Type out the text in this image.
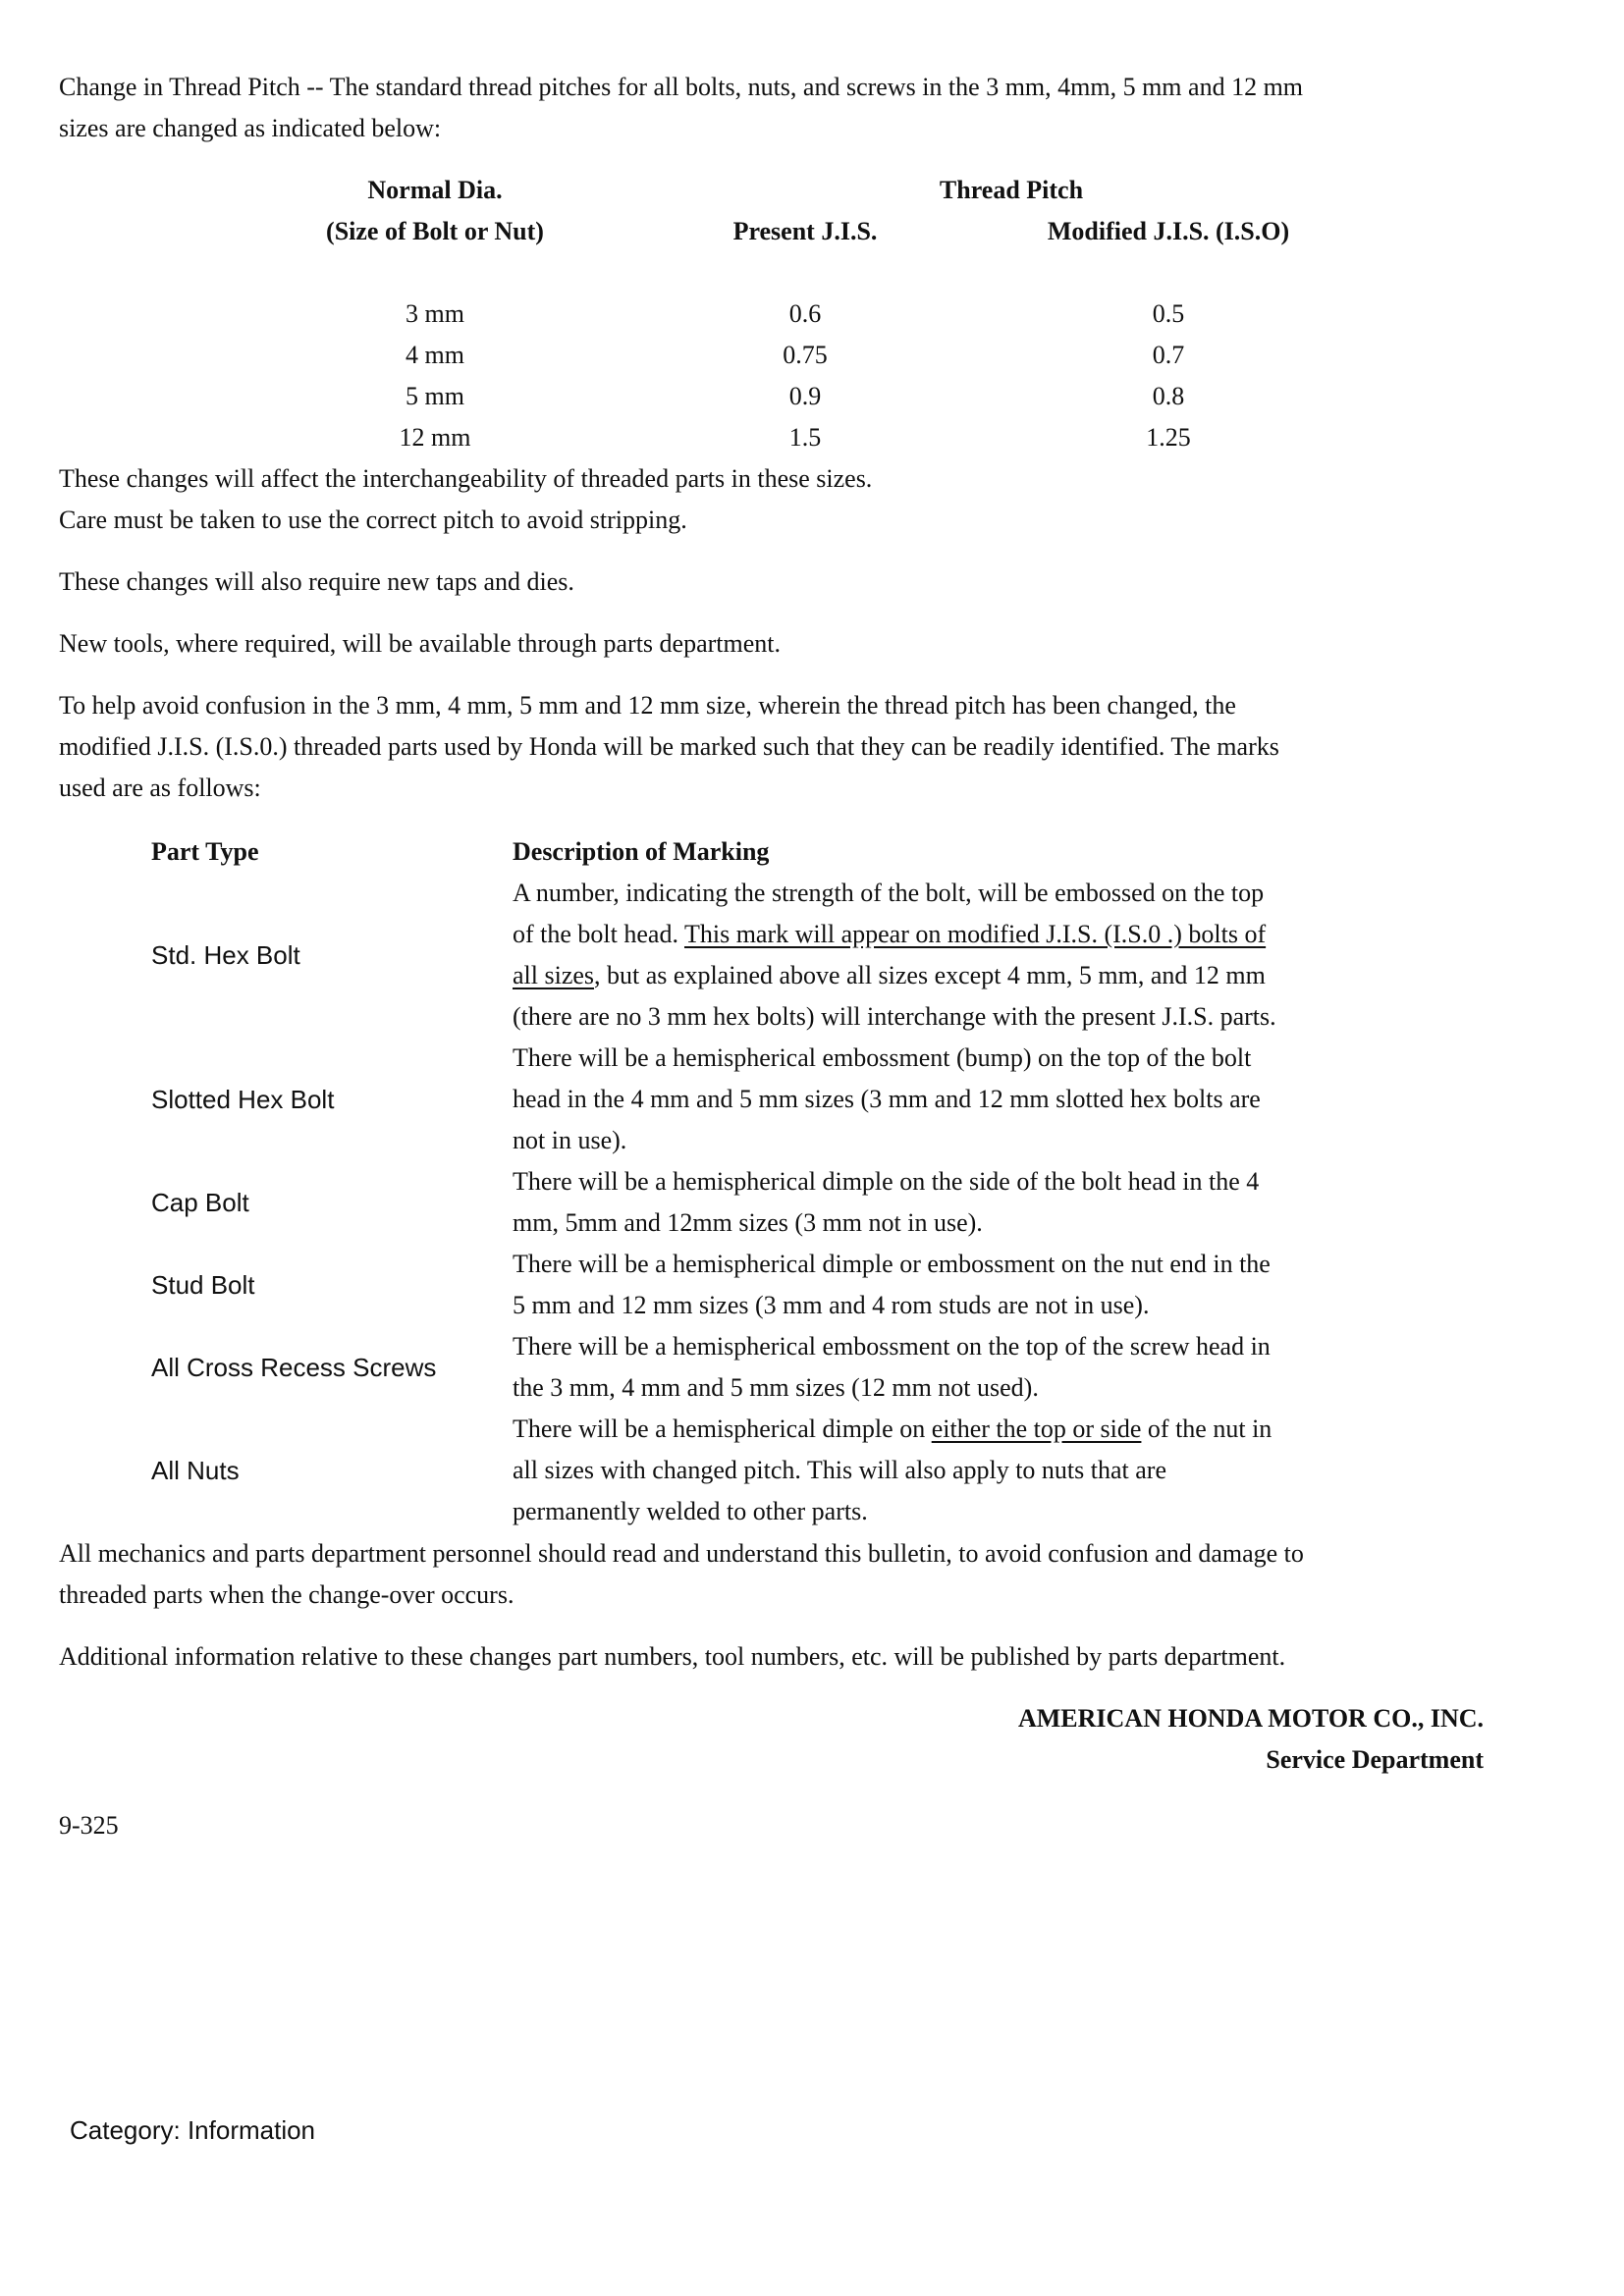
Change in Thread Pitch -- The standard thread pitches for all bolts, nuts, and screws in the 3 mm, 4mm, 5 mm and 12 mm

sizes are changed as indicated below:

Normal Dia.
(Size of Bolt or Nut)
Thread Pitch
Present J.I.S.	Modified J.I.S. (I.S.O)
3 mm	0.6	0.5
4 mm	0.75	0.7
5 mm	0.9	0.8
12 mm	1.5	1.25

These changes will affect the interchangeability of threaded parts in these sizes.

Care must be taken to use the correct pitch to avoid stripping.

These changes will also require new taps and dies.

New tools, where required, will be available through parts department.

To help avoid confusion in the 3 mm, 4 mm, 5 mm and 12 mm size, wherein the thread pitch has been changed, the

modified J.I.S. (I.S.0.) threaded parts used by Honda will be marked such that they can be readily identified. The marks

used are as follows:

Part Type	Description of Marking
Std. Hex Bolt

A number, indicating the strength of the bolt, will be embossed on the top

of the bolt head. This mark will appear on modified J.I.S. (I.S.0 .) bolts of

all sizes, but as explained above all sizes except 4 mm, 5 mm, and 12 mm

(there are no 3 mm hex bolts) will interchange with the present J.I.S. parts.

Slotted Hex Bolt

There will be a hemispherical embossment (bump) on the top of the bolt

head in the 4 mm and 5 mm sizes (3 mm and 12 mm slotted hex bolts are

not in use).

Cap Bolt

There will be a hemispherical dimple on the side of the bolt head in the 4

mm, 5mm and 12mm sizes (3 mm not in use).

Stud Bolt

There will be a hemispherical dimple or embossment on the nut end in the

5 mm and 12 mm sizes (3 mm and 4 rom studs are not in use).

All Cross Recess Screws

There will be a hemispherical embossment on the top of the screw head in

the 3 mm, 4 mm and 5 mm sizes (12 mm not used).

All Nuts

There will be a hemispherical dimple on either the top or side of the nut in

all sizes with changed pitch. This will also apply to nuts that are

permanently welded to other parts.

All mechanics and parts department personnel should read and understand this bulletin, to avoid confusion and damage to

threaded parts when the change-over occurs.

Additional information relative to these changes part numbers, tool numbers, etc. will be published by parts department.

AMERICAN HONDA MOTOR CO., INC.
Service Department

9-325

Category: Information
